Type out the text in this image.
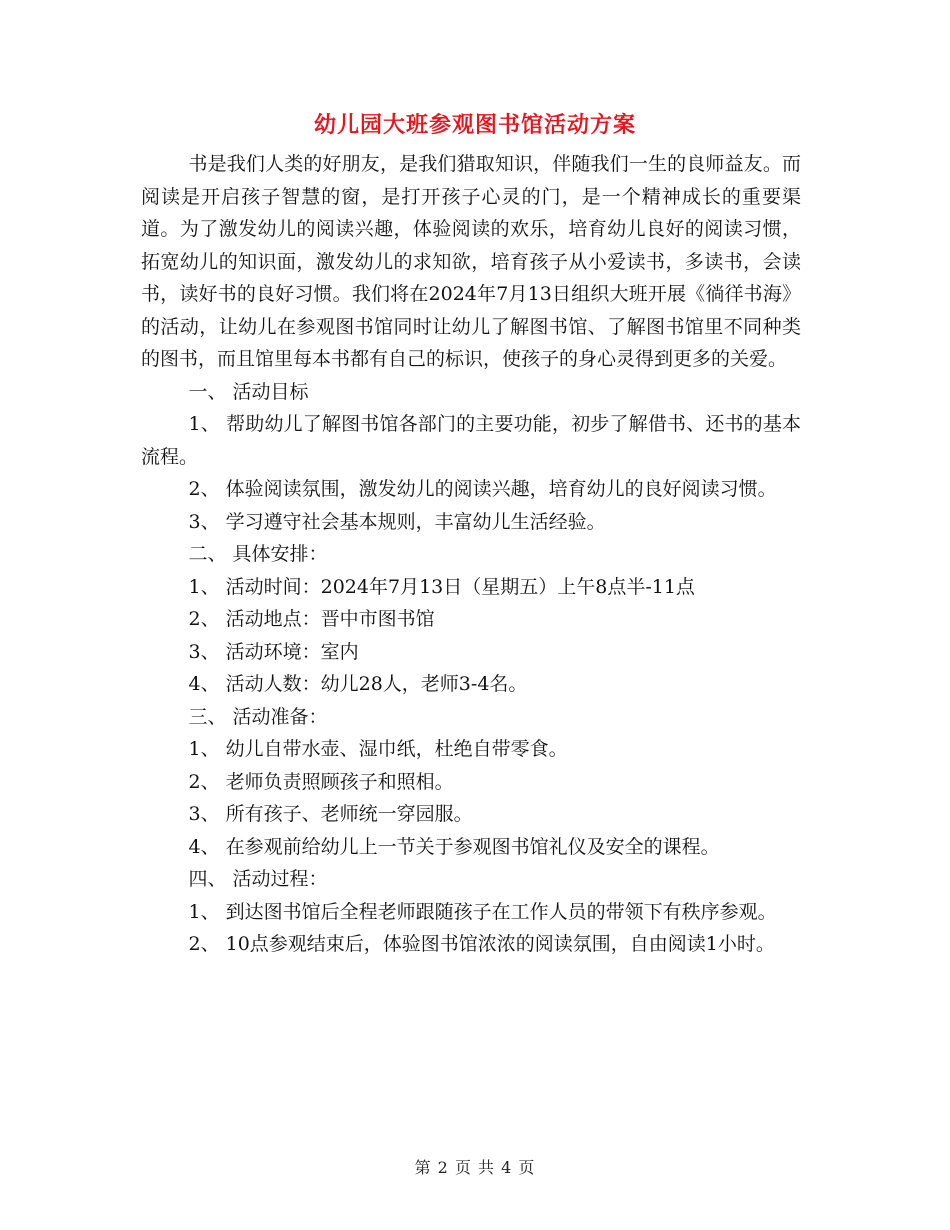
幼儿园大班参观图书馆活动方案

书是我们人类的好朋友，是我们猎取知识，伴随我们一生的良师益友。而阅读是开启孩子智慧的窗，是打开孩子心灵的门，是一个精神成长的重要渠道。为了激发幼儿的阅读兴趣，体验阅读的欢乐，培育幼儿良好的阅读习惯，拓宽幼儿的知识面，激发幼儿的求知欲，培育孩子从小爱读书，多读书，会读书，读好书的良好习惯。我们将在2024年7月13日组织大班开展《徜徉书海》的活动，让幼儿在参观图书馆同时让幼儿了解图书馆、了解图书馆里不同种类的图书，而且馆里每本书都有自己的标识，使孩子的身心灵得到更多的关爱。

一、 活动目标

1、 帮助幼儿了解图书馆各部门的主要功能，初步了解借书、还书的基本流程。

2、 体验阅读氛围，激发幼儿的阅读兴趣，培育幼儿的良好阅读习惯。

3、 学习遵守社会基本规则，丰富幼儿生活经验。

二、 具体安排：

1、 活动时间：2024年7月13日（星期五）上午8点半-11点

2、 活动地点：晋中市图书馆

3、 活动环境：室内

4、 活动人数：幼儿28人，老师3-4名。

三、 活动准备：

1、 幼儿自带水壶、湿巾纸，杜绝自带零食。

2、 老师负责照顾孩子和照相。

3、 所有孩子、老师统一穿园服。

4、 在参观前给幼儿上一节关于参观图书馆礼仪及安全的课程。

四、 活动过程：

1、 到达图书馆后全程老师跟随孩子在工作人员的带领下有秩序参观。

2、 10点参观结束后，体验图书馆浓浓的阅读氛围，自由阅读1小时。

第 2 页 共 4 页
